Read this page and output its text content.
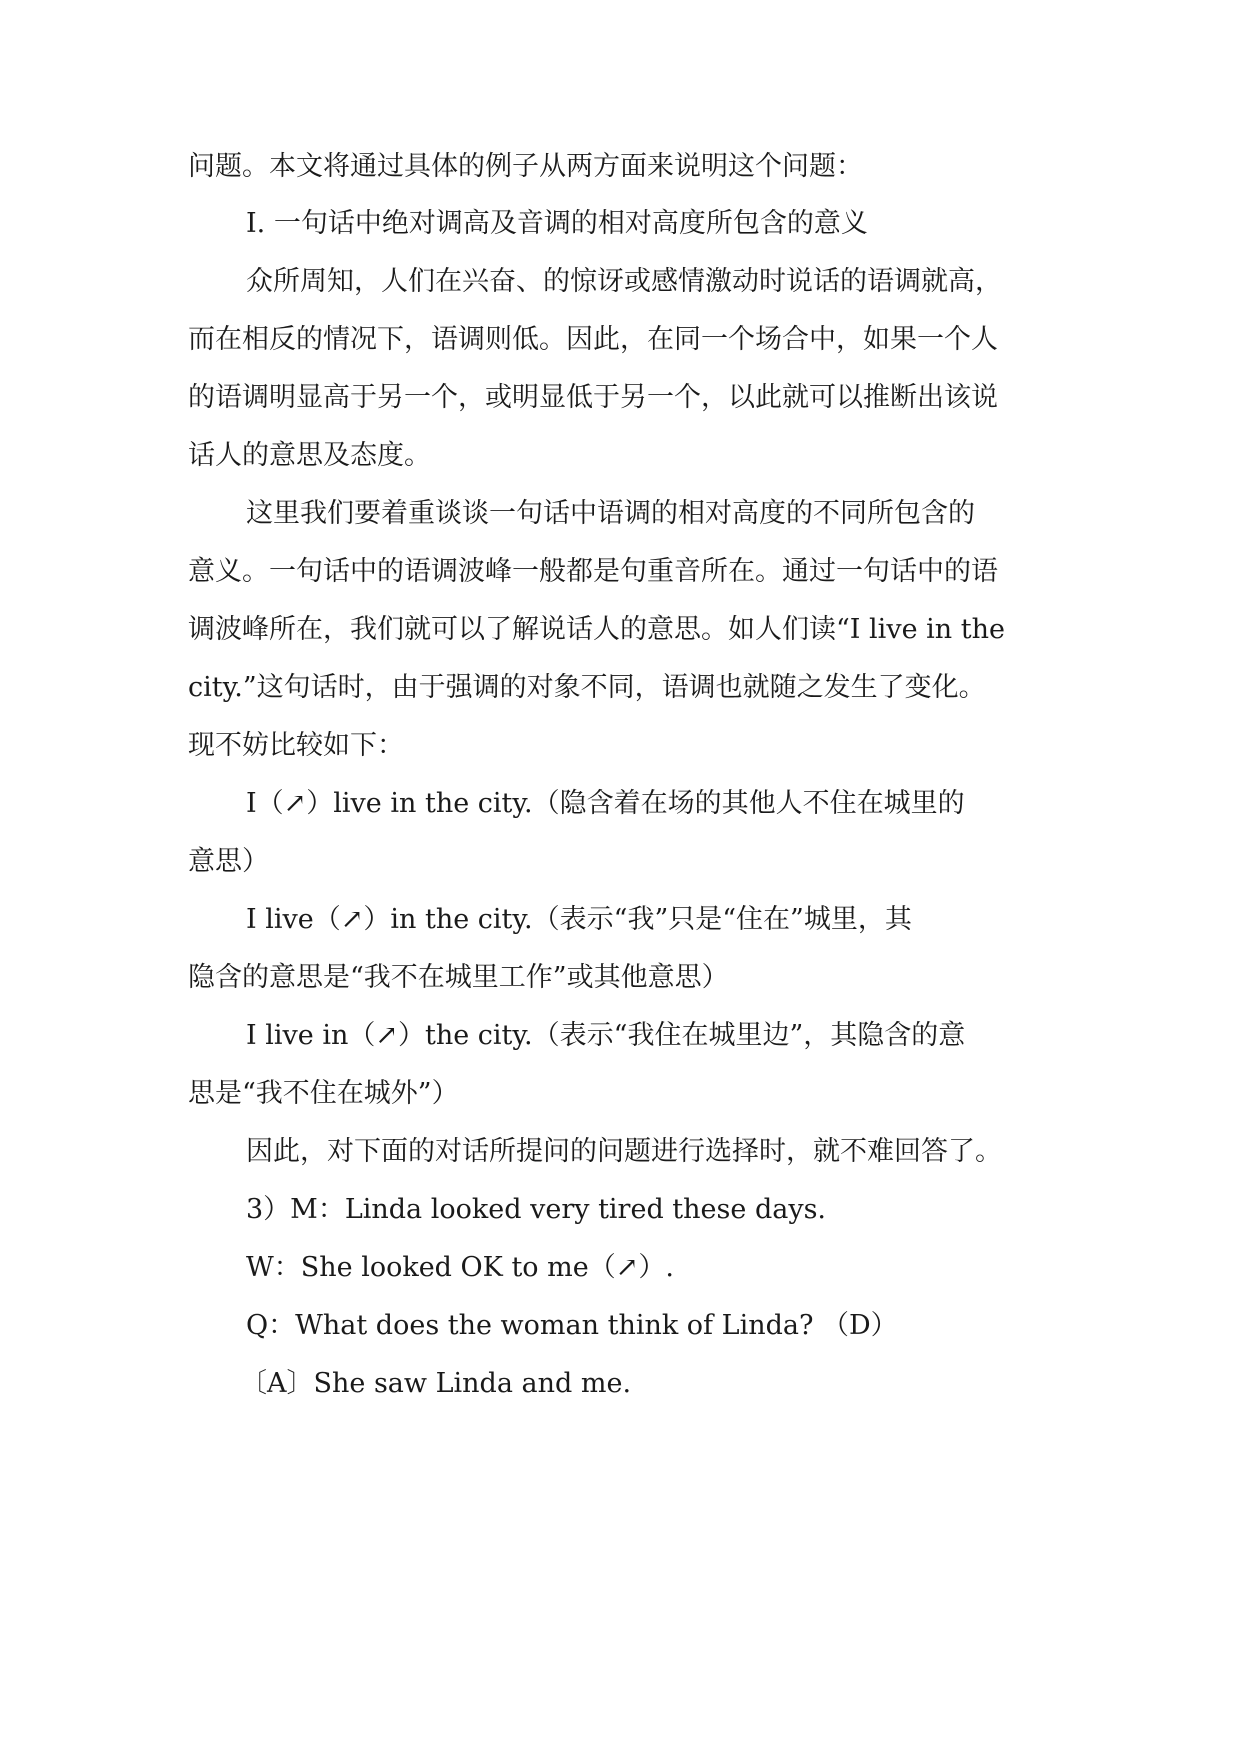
问题。本文将通过具体的例子从两方面来说明这个问题：
I. 一句话中绝对调高及音调的相对高度所包含的意义
众所周知，人们在兴奋、的惊讶或感情激动时说话的语调就高，
而在相反的情况下，语调则低。因此，在同一个场合中，如果一个人
的语调明显高于另一个，或明显低于另一个，以此就可以推断出该说
话人的意思及态度。
这里我们要着重谈谈一句话中语调的相对高度的不同所包含的
意义。一句话中的语调波峰一般都是句重音所在。通过一句话中的语
调波峰所在，我们就可以了解说话人的意思。如人们读“I live in the
city.”这句话时，由于强调的对象不同，语调也就随之发生了变化。
现不妨比较如下：
I（↗）live in the city.（隐含着在场的其他人不住在城里的
意思）
I live（↗）in the city.（表示“我”只是“住在”城里，其
隐含的意思是“我不在城里工作”或其他意思）
I live in（↗）the city.（表示“我住在城里边”，其隐含的意
思是“我不住在城外”）
因此，对下面的对话所提问的问题进行选择时，就不难回答了。
3）M：Linda looked very tired these days.
W：She looked OK to me（↗）.
Q：What does the woman think of Linda? （D）
〔A〕She saw Linda and me.
